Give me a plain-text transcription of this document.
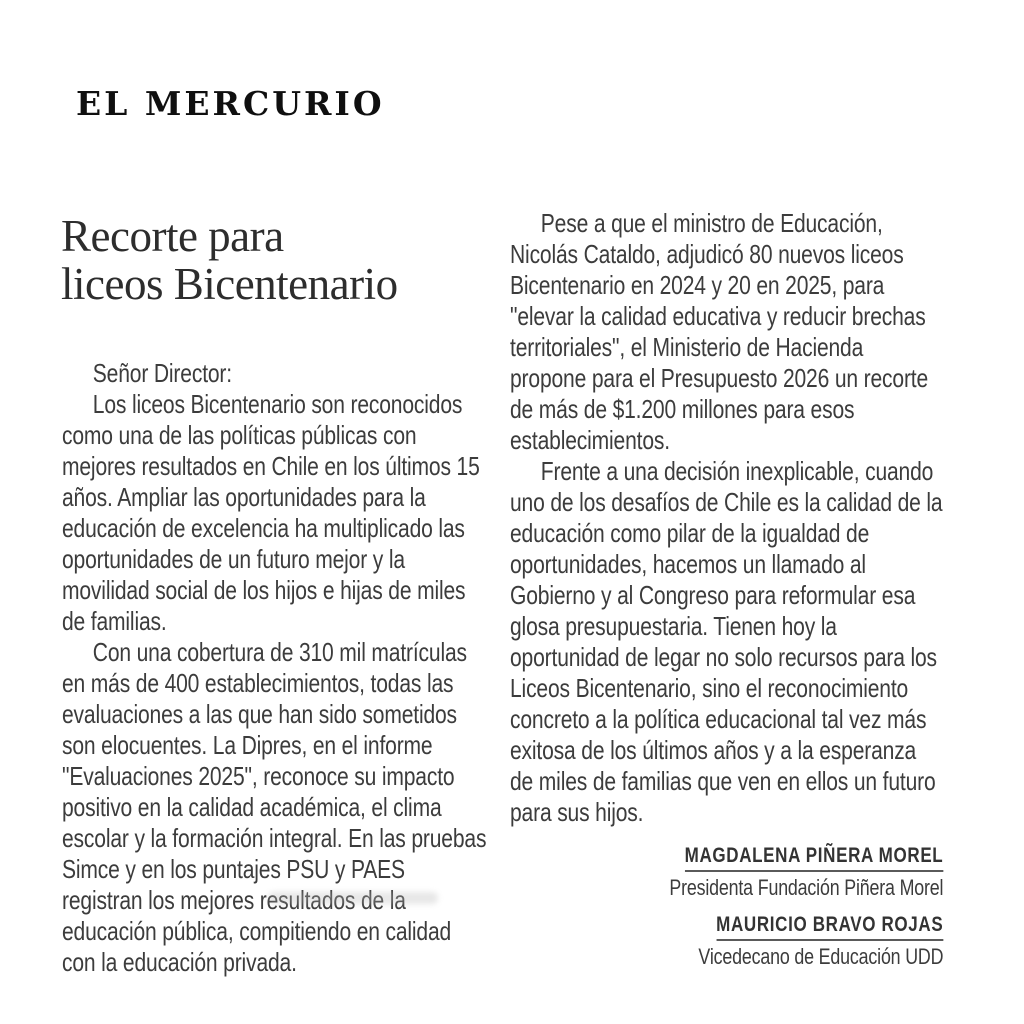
EL MERCURIO
Recorte para
liceos Bicentenario

Señor Director:

Los liceos Bicentenario son reconocidos como una de las políticas públicas con mejores resultados en Chile en los últimos 15 años. Ampliar las oportunidades para la educación de excelencia ha multiplicado las oportunidades de un futuro mejor y la movilidad social de los hijos e hijas de miles de familias.

Con una cobertura de 310 mil matrículas en más de 400 establecimientos, todas las evaluaciones a las que han sido sometidos son elocuentes. La Dipres, en el informe "Evaluaciones 2025", reconoce su impacto positivo en la calidad académica, el clima escolar y la formación integral. En las pruebas Simce y en los puntajes PSU y PAES registran los mejores resultados de la educación pública, compitiendo en calidad con la educación privada.

Pese a que el ministro de Educación, Nicolás Cataldo, adjudicó 80 nuevos liceos Bicentenario en 2024 y 20 en 2025, para "elevar la calidad educativa y reducir brechas territoriales", el Ministerio de Hacienda propone para el Presupuesto 2026 un recorte de más de $1.200 millones para esos establecimientos.

Frente a una decisión inexplicable, cuando uno de los desafíos de Chile es la calidad de la educación como pilar de la igualdad de oportunidades, hacemos un llamado al Gobierno y al Congreso para reformular esa glosa presupuestaria. Tienen hoy la oportunidad de legar no solo recursos para los Liceos Bicentenario, sino el reconocimiento concreto a la política educacional tal vez más exitosa de los últimos años y a la esperanza de miles de familias que ven en ellos un futuro para sus hijos.

MAGDALENA PIÑERA MOREL
Presidenta Fundación Piñera Morel
MAURICIO BRAVO ROJAS
Vicedecano de Educación UDD
